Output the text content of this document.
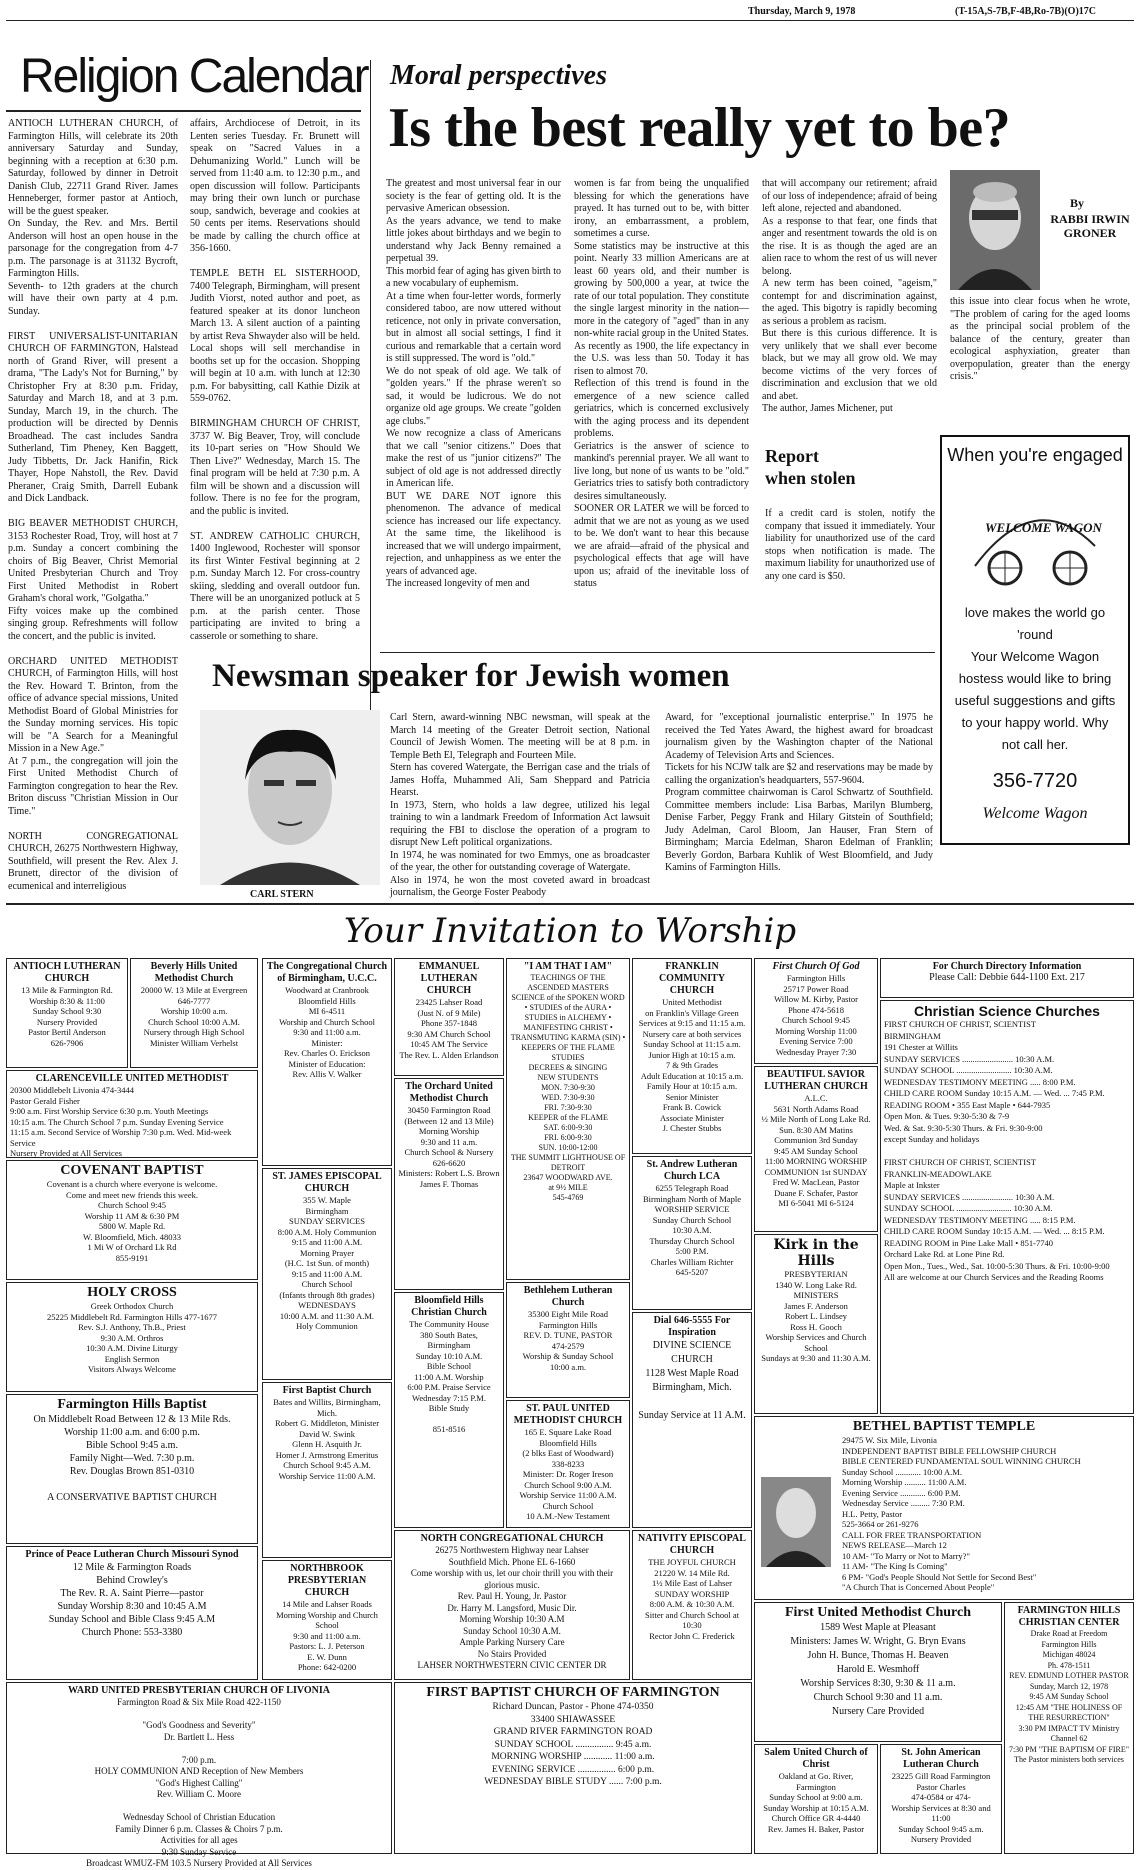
Thursday, March 9, 1978	(T-15A,S-7B,F-4B,Ro-7B)(O)17C
Religion Calendar
ANTIOCH LUTHERAN CHURCH, of Farmington Hills, will celebrate its 20th anniversary Saturday and Sunday, beginning with a reception at 6:30 p.m. Saturday, followed by dinner in Detroit Danish Club, 22711 Grand River. James Henneberger, former pastor at Antioch, will be the guest speaker.
On Sunday, the Rev. and Mrs. Bertil Anderson will host an open house in the parsonage for the congregation from 4-7 p.m. The parsonage is at 31132 Bycroft, Farmington Hills.
Seventh- to 12th graders at the church will have their own party at 4 p.m. Sunday.

FIRST UNIVERSALIST-UNITARIAN CHURCH OF FARMINGTON, Halstead north of Grand River, will present a drama, "The Lady's Not for Burning," by Christopher Fry at 8:30 p.m. Friday, Saturday and March 18, and at 3 p.m. Sunday, March 19, in the church. The production will be directed by Dennis Broadhead. The cast includes Sandra Sutherland, Tim Pheney, Ken Baggett, Judy Tibbetts, Dr. Jack Hanifin, Rick Thayer, Hope Nahstoll, the Rev. David Pheraner, Craig Smith, Darrell Eubank and Dick Landback.

BIG BEAVER METHODIST CHURCH, 3153 Rochester Road, Troy, will host at 7 p.m. Sunday a concert combining the choirs of Big Beaver, Christ Memorial United Presbyterian Church and Troy First United Methodist in Robert Graham's choral work, "Golgatha."
Fifty voices make up the combined singing group. Refreshments will follow the concert, and the public is invited.

ORCHARD UNITED METHODIST CHURCH, of Farmington Hills, will host the Rev. Howard T. Brinton, from the office of advance special missions, United Methodist Board of Global Ministries for the Sunday morning services. His topic will be "A Search for a Meaningful Mission in a New Age."
At 7 p.m., the congregation will join the First United Methodist Church of Farmington congregation to hear the Rev. Briton discuss "Christian Mission in Our Time."

NORTH CONGREGATIONAL CHURCH, 26275 Northwestern Highway, Southfield, will present the Rev. Alex J. Brunett, director of the division of ecumenical and interreligious
affairs, Archdiocese of Detroit, in its Lenten series Tuesday. Fr. Brunett will speak on "Sacred Values in a Dehumanizing World." Lunch will be served from 11:40 a.m. to 12:30 p.m., and open discussion will follow. Participants may bring their own lunch or purchase soup, sandwich, beverage and cookies at 50 cents per items. Reservations should be made by calling the church office at 356-1660.

TEMPLE BETH EL SISTERHOOD, 7400 Telegraph, Birmingham, will present Judith Viorst, noted author and poet, as featured speaker at its donor luncheon March 13. A silent auction of a painting by artist Reva Shwayder also will be held. Local shops will sell merchandise in booths set up for the occasion. Shopping will begin at 10 a.m. with lunch at 12:30 p.m. For babysitting, call Kathie Dizik at 559-0762.

BIRMINGHAM CHURCH OF CHRIST, 3737 W. Big Beaver, Troy, will conclude its 10-part series on "How Should We Then Live?" Wednesday, March 15. The final program will be held at 7:30 p.m. A film will be shown and a discussion will follow. There is no fee for the program, and the public is invited.

ST. ANDREW CATHOLIC CHURCH, 1400 Inglewood, Rochester will sponsor its first Winter Festival beginning at 2 p.m. Sunday March 12. For cross-country skiing, sledding and overall outdoor fun. There will be an unorganized potluck at 5 p.m. at the parish center. Those participating are invited to bring a casserole or something to share.
Moral perspectives
Is the best really yet to be?
The greatest and most universal fear in our society is the fear of getting old. It is the pervasive American obsession.
As the years advance, we tend to make little jokes about birthdays and we begin to understand why Jack Benny remained a perpetual 39.
This morbid fear of aging has given birth to a new vocabulary of euphemism.
At a time when four-letter words, formerly considered taboo, are now uttered without reticence, not only in private conversation, but in almost all social settings, I find it curious and remarkable that a certain word is still suppressed. The word is "old."
We do not speak of old age. We talk of "golden years." If the phrase weren't so sad, it would be ludicrous. We do not organize old age groups. We create "golden age clubs."
We now recognize a class of Americans that we call "senior citizens." Does that make the rest of us "junior citizens?" The subject of old age is not addressed directly in American life.
BUT WE DARE NOT ignore this phenomenon. The advance of medical science has increased our life expectancy. At the same time, the likelihood is increased that we will undergo impairment, rejection, and unhappiness as we enter the years of advanced age.
The increased longevity of men and
women is far from being the unqualified blessing for which the generations have prayed. It has turned out to be, with bitter irony, an embarrassment, a problem, sometimes a curse.
Some statistics may be instructive at this point. Nearly 33 million Americans are at least 60 years old, and their number is growing by 500,000 a year, at twice the rate of our total population. They constitute the single largest minority in the nation—more in the category of "aged" than in any non-white racial group in the United States.
As recently as 1900, the life expectancy in the U.S. was less than 50. Today it has risen to almost 70.
Reflection of this trend is found in the emergence of a new science called geriatrics, which is concerned exclusively with the aging process and its dependent problems.
Geriatrics is the answer of science to mankind's perennial prayer. We all want to live long, but none of us wants to be "old." Geriatrics tries to satisfy both contradictory desires simultaneously.
SOONER OR LATER we will be forced to admit that we are not as young as we used to be. We don't want to hear this because we are afraid—afraid of the physical and psychological effects that age will have upon us; afraid of the inevitable loss of status
that will accompany our retirement; afraid of our loss of independence; afraid of being left alone, rejected and abandoned.
As a response to that fear, one finds that anger and resentment towards the old is on the rise. It is as though the aged are an alien race to whom the rest of us will never belong.
A new term has been coined, "ageism," contempt for and discrimination against, the aged. This bigotry is rapidly becoming as serious a problem as racism.
But there is this curious difference. It is very unlikely that we shall ever become black, but we may all grow old. We may become victims of the very forces of discrimination and exclusion that we old and abet.
The author, James Michener, put
By
RABBI IRWIN GRONER
this issue into clear focus when he wrote, "The problem of caring for the aged looms as the principal social problem of the balance of the century, greater than ecological asphyxiation, greater than overpopulation, greater than the energy crisis."
Report
when stolen
If a credit card is stolen, notify the company that issued it immediately. Your liability for unauthorized use of the card stops when notification is made. The maximum liability for unauthorized use of any one card is $50.
When you're engaged
WELCOME WAGON
love makes the world go 'round
Your Welcome Wagon hostess would like to bring useful suggestions and gifts to your happy world. Why not call her.
356-7720
Welcome Wagon
Newsman speaker for Jewish women
CARL STERN
Carl Stern, award-winning NBC newsman, will speak at the March 14 meeting of the Greater Detroit section, National Council of Jewish Women. The meeting will be at 8 p.m. in Temple Beth El, Telegraph and Fourteen Mile.
Stern has covered Watergate, the Berrigan case and the trials of James Hoffa, Muhammed Ali, Sam Sheppard and Patricia Hearst.
In 1973, Stern, who holds a law degree, utilized his legal training to win a landmark Freedom of Information Act lawsuit requiring the FBI to disclose the operation of a program to disrupt New Left political organizations.
In 1974, he was nominated for two Emmys, one as broadcaster of the year, the other for outstanding coverage of Watergate.
Also in 1974, he won the most coveted award in broadcast journalism, the George Foster Peabody
Award, for "exceptional journalistic enterprise." In 1975 he received the Ted Yates Award, the highest award for broadcast journalism given by the Washington chapter of the National Academy of Television Arts and Sciences.
Tickets for his NCJW talk are $2 and reservations may be made by calling the organization's headquarters, 557-9604.
Program committee chairwoman is Carol Schwartz of Southfield. Committee members include: Lisa Barbas, Marilyn Blumberg, Denise Farber, Peggy Frank and Hilary Gitstein of Southfield; Judy Adelman, Carol Bloom, Jan Hauser, Fran Stern of Birmingham; Marcia Edelman, Sharon Edelman of Franklin; Beverly Gordon, Barbara Kuhlik of West Bloomfield, and Judy Kamins of Farmington Hills.
Your Invitation to Worship
ANTIOCH LUTHERAN CHURCH
13 Mile & Farmington Rd.
Worship 8:30 & 11:00
Sunday School 9:30
Nursery Provided
Pastor Bertil Anderson
626-7906
Beverly Hills United Methodist Church
20000 W. 13 Mile at Evergreen 646-7777
Worship 10:00 a.m.
Church School 10:00 A.M.
Nursery through High School
Minister William Verhelst
CLARENCEVILLE UNITED METHODIST
20300 Middlebelt Livonia 474-3444
Pastor Gerald Fisher
9:00 a.m. First Worship Service 6:30 p.m. Youth Meetings
10:15 a.m. The Church School 7 p.m. Sunday Evening Service
11:15 a.m. Second Service of Worship 7:30 p.m. Wed. Mid-week Service
Nursery Provided at All Services
COVENANT BAPTIST
Covenant is a church where everyone is welcome.
Come and meet new friends this week.
Church School 9:45
Worship 11 AM & 6:30 PM
5800 W. Maple Rd.
W. Bloomfield, Mich. 48033
1 Mi W of Orchard Lk Rd
855-9191
HOLY CROSS
Greek Orthodox Church
25225 Middlebelt Rd. Farmington Hills 477-1677
Rev. S.J. Anthony, Th.B., Priest
9:30 A.M. Orthros
10:30 A.M. Divine Liturgy
English Sermon
Visitors Always Welcome
Farmington Hills Baptist
On Middlebelt Road Between 12 & 13 Mile Rds.
Worship 11:00 a.m. and 6:00 p.m.
Bible School 9:45 a.m.
Family Night—Wed. 7:30 p.m.
Rev. Douglas Brown 851-0310

A CONSERVATIVE BAPTIST CHURCH
Prince of Peace Lutheran Church Missouri Synod
12 Mile & Farmington Roads
Behind Crowley's
The Rev. R. A. Saint Pierre—pastor
Sunday Worship 8:30 and 10:45 A.M
Sunday School and Bible Class 9:45 A.M
Church Phone: 553-3380
The Congregational Church of Birmingham, U.C.C.
Woodward at Cranbrook
Bloomfield Hills
MI 6-4511
Worship and Church School
9:30 and 11:00 a.m.
Minister:
Rev. Charles O. Erickson
Minister of Education:
Rev. Allis V. Walker
ST. JAMES EPISCOPAL CHURCH
355 W. Maple
Birmingham
SUNDAY SERVICES
8:00 A.M. Holy Communion
9:15 and 11:00 A.M.
Morning Prayer
(H.C. 1st Sun. of month)
9:15 and 11:00 A.M.
Church School
(Infants through 8th grades)
WEDNESDAYS
10:00 A.M. and 11:30 A.M.
Holy Communion
First Baptist Church
Bates and Willits, Birmingham, Mich.
Robert G. Middleton, Minister
David W. Swink
Glenn H. Asquith Jr.
Homer J. Armstrong Emeritus
Church School 9:45 A.M.
Worship Service 11:00 A.M.
NORTHBROOK PRESBYTERIAN CHURCH
14 Mile and Lahser Roads
Morning Worship and Church School
9:30 and 11:00 a.m.
Pastors: L. J. Peterson
E. W. Dunn
Phone: 642-0200
EMMANUEL LUTHERAN CHURCH
23425 Lahser Road
(Just N. of 9 Mile)
Phone 357-1848
9:30 AM Church School
10:45 AM The Service
The Rev. L. Alden Erlandson
The Orchard United Methodist Church
30450 Farmington Road
(Between 12 and 13 Mile)
Morning Worship
9:30 and 11 a.m.
Church School & Nursery
626-6620
Ministers: Robert L.S. Brown
James F. Thomas
Bloomfield Hills Christian Church
The Community House
380 South Bates, Birmingham
Sunday 10:10 A.M.
Bible School
11:00 A.M. Worship
6:00 P.M. Praise Service
Wednesday 7:15 P.M.
Bible Study

851-8516
"I AM THAT I AM"
TEACHINGS OF THE ASCENDED MASTERS
SCIENCE of the SPOKEN WORD • STUDIES of the AURA • STUDIES in ALCHEMY • MANIFESTING CHRIST • TRANSMUTING KARMA (SIN) • KEEPERS OF THE FLAME STUDIES
DECREES & SINGING
NEW STUDENTS
MON. 7:30-9:30
WED. 7:30-9:30
FRI. 7:30-9:30
KEEPER of the FLAME
SAT. 6:00-9:30
FRI. 6:00-9:30
SUN. 10:00-12:00
THE SUMMIT LIGHTHOUSE OF DETROIT
23647 WOODWARD AVE.
at 9½ MILE
545-4769
Bethlehem Lutheran Church
35300 Eight Mile Road
Farmington Hills
REV. D. TUNE, PASTOR
474-2579
Worship & Sunday School
10:00 a.m.
ST. PAUL UNITED METHODIST CHURCH
165 E. Square Lake Road
Bloomfield Hills
(2 blks East of Woodward)
338-8233
Minister: Dr. Roger Ireson
Church School 9:00 A.M.
Worship Service 11:00 A.M.
Church School
10 A.M.-New Testament
FRANKLIN COMMUNITY CHURCH
United Methodist
on Franklin's Village Green
Services at 9:15 and 11:15 a.m.
Nursery care at both services
Sunday School at 11:15 a.m.
Junior High at 10:15 a.m.
7 & 9th Grades
Adult Education at 10:15 a.m.
Family Hour at 10:15 a.m.
Senior Minister
Frank B. Cowick
Associate Minister
J. Chester Stubbs
St. Andrew Lutheran Church LCA
6255 Telegraph Road
Birmingham North of Maple
WORSHIP SERVICE
Sunday Church School
10:30 A.M.
Thursday Church School
5:00 P.M.
Charles William Richter
645-5207
Dial 646-5555 For Inspiration
DIVINE SCIENCE CHURCH
1128 West Maple Road
Birmingham, Mich.

Sunday Service at 11 A.M.
First Church Of God
Farmington Hills
25717 Power Road
Willow M. Kirby, Pastor
Phone 474-5618
Church School 9:45
Morning Worship 11:00
Evening Service 7:00
Wednesday Prayer 7:30
BEAUTIFUL SAVIOR LUTHERAN CHURCH
A.L.C.
5631 North Adams Road
½ Mile North of Long Lake Rd.
Sun. 8:30 AM Matins
Communion 3rd Sunday
9:45 AM Sunday School
11:00 MORNING WORSHIP
COMMUNION 1st SUNDAY
Fred W. MacLean, Pastor
Duane F. Schafer, Pastor
MI 6-5041 MI 6-5124
Kirk in the Hills
PRESBYTERIAN
1340 W. Long Lake Rd.
MINISTERS
James F. Anderson
Robert L. Lindsey
Ross H. Gooch
Worship Services and Church School
Sundays at 9:30 and 11:30 A.M.
For Church Directory Information
Please Call: Debbie 644-1100 Ext. 217
Christian Science Churches
FIRST CHURCH OF CHRIST, SCIENTIST
BIRMINGHAM
191 Chester at Willits
SUNDAY SERVICES ........................ 10:30 A.M.
SUNDAY SCHOOL .......................... 10:30 A.M.
WEDNESDAY TESTIMONY MEETING ..... 8:00 P.M.
CHILD CARE ROOM Sunday 10:15 A.M. — Wed. ... 7:45 P.M.
READING ROOM • 355 East Maple • 644-7935
Open Mon. & Tues. 9:30-5:30 & 7-9
Wed. & Sat. 9:30-5:30 Thurs. & Fri. 9:30-9:00
except Sunday and holidays

FIRST CHURCH OF CHRIST, SCIENTIST
FRANKLIN-MEADOWLAKE
Maple at Inkster
SUNDAY SERVICES ........................ 10:30 A.M.
SUNDAY SCHOOL .......................... 10:30 A.M.
WEDNESDAY TESTIMONY MEETING ..... 8:15 P.M.
CHILD CARE ROOM Sunday 10:15 A.M. — Wed. ... 8:15 P.M.
READING ROOM in Pine Lake Mall • 851-7740
Orchard Lake Rd. at Lone Pine Rd.
Open Mon., Tues., Wed., Sat. 10:00-5:30 Thurs. & Fri. 10:00-9:00
All are welcome at our Church Services and the Reading Rooms
BETHEL BAPTIST TEMPLE
29475 W. Six Mile, Livonia
INDEPENDENT BAPTIST BIBLE FELLOWSHIP CHURCH
BIBLE CENTERED FUNDAMENTAL SOUL WINNING CHURCH
Sunday School ............ 10:00 A.M.
Morning Worship .......... 11:00 A.M.
Evening Service ............ 6:00 P.M.
Wednesday Service ......... 7:30 P.M.
H.L. Petty, Pastor
525-3664 or 261-9276
CALL FOR FREE TRANSPORTATION
NEWS RELEASE—March 12
10 AM- "To Marry or Not to Marry?"
11 AM- "The King Is Coming"
6 PM- "God's People Should Not Settle for Second Best"
"A Church That is Concerned About People"
NORTH CONGREGATIONAL CHURCH
26275 Northwestern Highway near Lahser
Southfield Mich. Phone EL 6-1660
Come worship with us, let our choir thrill you with their glorious music.
Rev. Paul H. Young, Jr. Pastor
Dr. Harry M. Langsford, Music Dir.
Morning Worship 10:30 A.M
Sunday School 10:30 A.M.
Ample Parking Nursery Care
No Stairs Provided
LAHSER NORTHWESTERN CIVIC CENTER DR
NATIVITY EPISCOPAL CHURCH
THE JOYFUL CHURCH
21220 W. 14 Mile Rd.
1½ Mile East of Lahser
SUNDAY WORSHIP
8:00 A.M. & 10:30 A.M.
Sitter and Church School at 10:30
Rector John C. Frederick
First United Methodist Church
1589 West Maple at Pleasant
Ministers: James W. Wright, G. Bryn Evans
John H. Bunce, Thomas H. Beaven
Harold E. Wesmhoff
Worship Services 8:30, 9:30 & 11 a.m.
Church School 9:30 and 11 a.m.
Nursery Care Provided
FARMINGTON HILLS CHRISTIAN CENTER
Drake Road at Freedom
Farmington Hills
Michigan 48024
Ph. 478-1511
REV. EDMUND LOTHER PASTOR
Sunday, March 12, 1978
9:45 AM Sunday School
12:45 AM "THE HOLINESS OF THE RESURRECTION"
3:30 PM IMPACT TV Ministry Channel 62
7:30 PM "THE BAPTISM OF FIRE"
The Pastor ministers both services
Salem United Church of Christ
Oakland at Go. River, Farmington
Sunday School at 9:00 a.m.
Sunday Worship at 10:15 A.M.
Church Office GR 4-4440
Rev. James H. Baker, Pastor
St. John American Lutheran Church
23225 Gill Road Farmington
Pastor Charles
474-0584 or 474-
Worship Services at 8:30 and 11:00
Sunday School 9:45 a.m.
Nursery Provided
WARD UNITED PRESBYTERIAN CHURCH OF LIVONIA
Farmington Road & Six Mile Road 422-1150

"God's Goodness and Severity"
Dr. Bartlett L. Hess

7:00 p.m.
HOLY COMMUNION AND Reception of New Members
"God's Highest Calling"
Rev. William C. Moore

Wednesday School of Christian Education
Family Dinner 6 p.m. Classes & Choirs 7 p.m.
Activities for all ages
9:30 Sunday Service
Broadcast WMUZ-FM 103.5 Nursery Provided at All Services
FIRST BAPTIST CHURCH OF FARMINGTON
Richard Duncan, Pastor - Phone 474-0350
33400 SHIAWASSEE
GRAND RIVER FARMINGTON ROAD
SUNDAY SCHOOL ................ 9:45 a.m.
MORNING WORSHIP ............ 11:00 a.m.
EVENING SERVICE ................ 6:00 p.m.
WEDNESDAY BIBLE STUDY ...... 7:00 p.m.
